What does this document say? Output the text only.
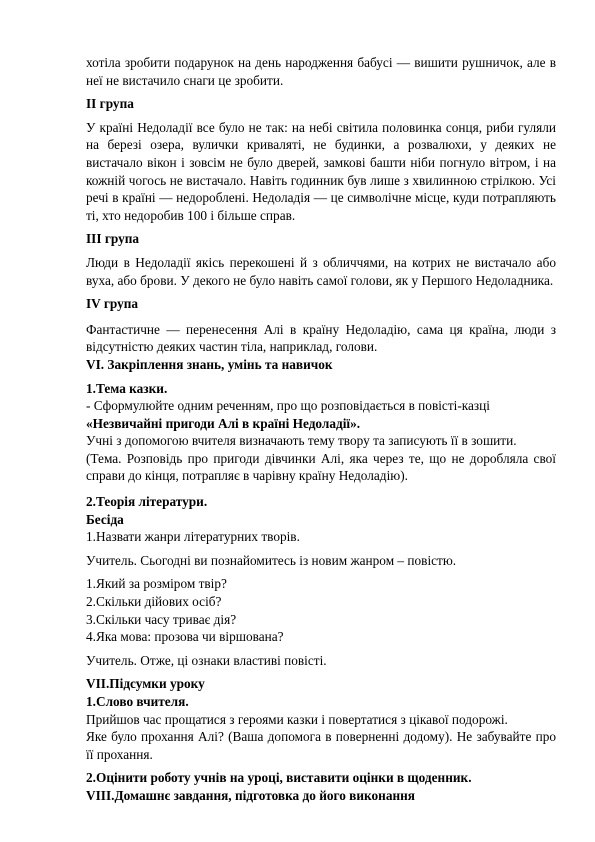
хотіла зробити подарунок на день народження бабусі — вишити рушничок, але в неї не вистачило снаги це зробити.

ІІ група

У країні Недоладії все було не так: на небі світила половинка сонця, риби гуляли на березі озера, вулички криваляті, не будинки, а розвалюхи, у деяких не вистачало вікон і зовсім не було дверей, замкові башти ніби погнуло вітром, і на кожній чогось не вистачало. Навіть годинник був лише з хвилинною стрілкою. Усі речі в країні — недороблені. Недоладія — це символічне місце, куди потрапляють ті, хто недоробив 100 і більше справ.

ІІІ група

Люди в Недоладії якісь перекошені й з обличчями, на котрих не вистачало або вуха, або брови. У декого не було навіть самої голови, як у Першого Недоладника.

ІV група

Фантастичне — перенесення Алі в країну Недоладію, сама ця країна, люди з відсутністю деяких частин тіла, наприклад, голови.

VІ. Закріплення знань, умінь та навичок

1.Тема казки.

- Сформулюйте одним реченням, про що розповідається в повісті-казці

«Незвичайні пригоди Алі в країні Недоладії».

Учні з допомогою вчителя визначають тему твору та записують її в зошити.

(Тема. Розповідь про пригоди дівчинки Алі, яка через те, що не доробляла свої справи до кінця, потрапляє в чарівну країну Недоладію).

2.Теорія літератури.

Бесіда

1.Назвати жанри літературних творів.

Учитель. Сьогодні ви познайомитесь із новим жанром – повістю.

1.Який за розміром твір?

2.Скільки дійових осіб?

3.Скільки часу триває дія?

4.Яка мова: прозова чи віршована?

Учитель. Отже, ці ознаки властиві повісті.

VІІ.Підсумки уроку

1.Слово вчителя.

Прийшов час прощатися з героями казки і повертатися з цікавої подорожі.

Яке було прохання Алі? (Ваша допомога в поверненні додому). Не забувайте про її прохання.

2.Оцінити роботу учнів на уроці, виставити оцінки в щоденник.

VІІІ.Домашнє завдання, підготовка до його виконання
